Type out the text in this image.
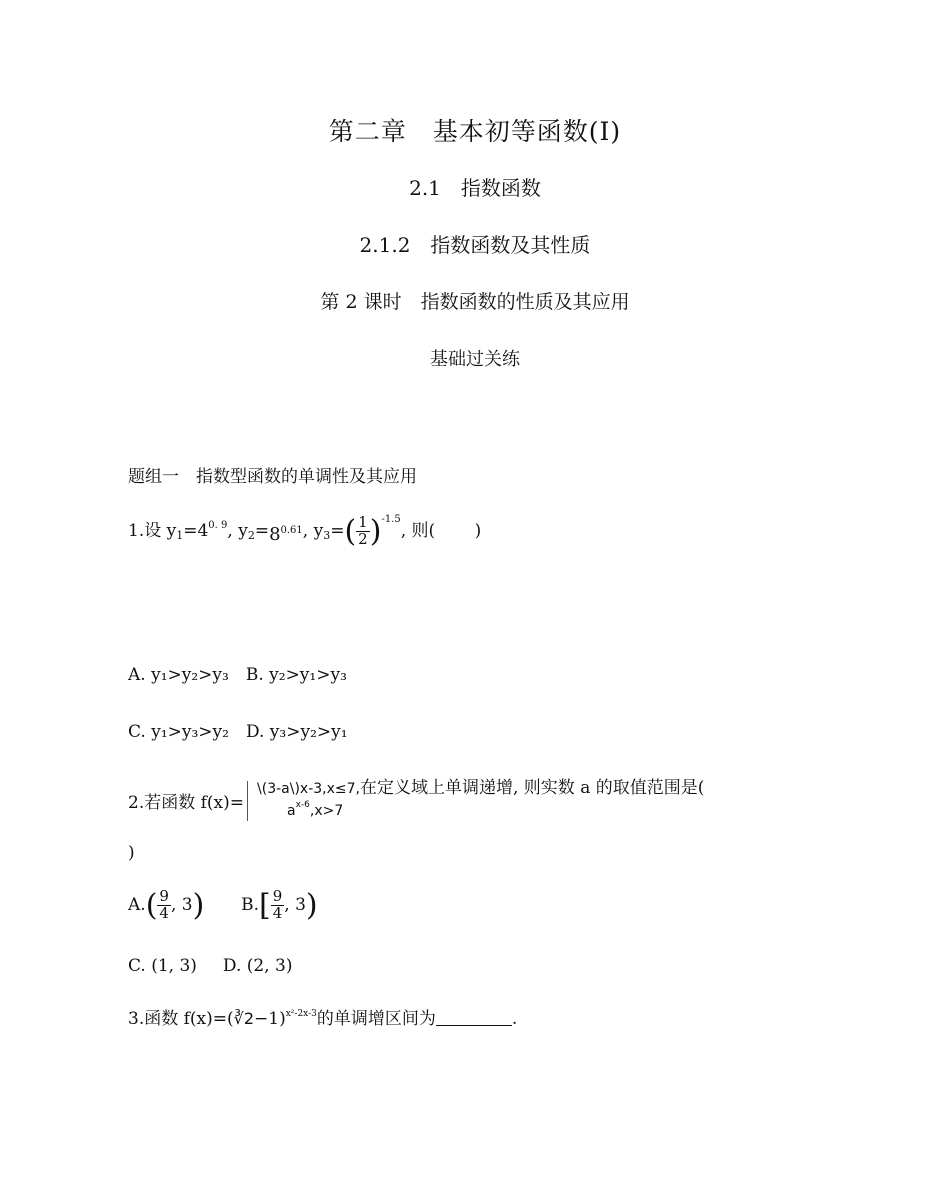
第二章　基本初等函数(Ⅰ)
2.1　指数函数
2.1.2　指数函数及其性质
第 2 课时　指数函数的性质及其应用
基础过关练
题组一　指数型函数的单调性及其应用
1.设 $y_1=4^{0. 9}$, $y_2=8^{0.61}$, $y_3=( \frac{1}{2} )^{-1.5}$, 则(　　 )
A. y₁>y₂>y₃　 B. y₂>y₁>y₃
C. y₁>y₃>y₂　 D. y₃>y₂>y₁
2.若函数 f(x)=
\(3-a\)x-3,x≤7,
$a^{x-6},x>7$
在定义域上单调递增, 则实数 a 的取值范围是(
)
$A.( \frac{9}{4}$ , 3) $B.[ \frac{9}{4}$ , 3)
C. (1, 3) D. (2, 3)
3.函数 f(x)=(∛2−1)$^{x^2-2x-3}$的单调增区间为	.
